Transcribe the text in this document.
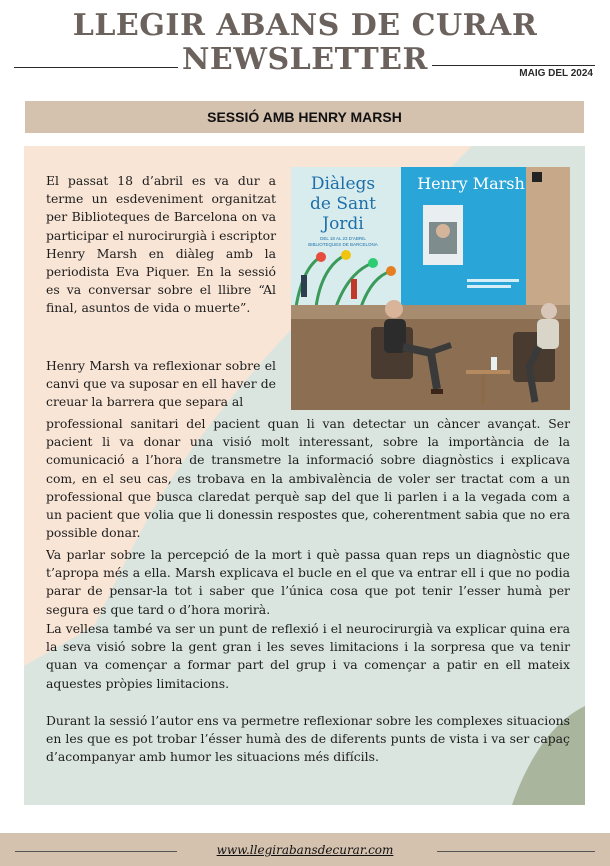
LLEGIR ABANS DE CURAR
NEWSLETTER	MAIG DEL 2024
SESSIÓ AMB HENRY MARSH
Diàlegs
de Sant
Jordi
DEL 18 AL 23 D'ABRIL
BIBLIOTEQUES DE BARCELONA
Henry Marsh
El passat 18 d’abril es va dur a terme un esdeveniment organitzat per Biblioteques de Barcelona on va participar el nurocirurgià i escriptor Henry Marsh en diàleg amb la periodista Eva Piquer. En la sessió es va conversar sobre el llibre “Al final, asuntos de vida o muerte”.
Henry Marsh va reflexionar sobre el canvi que va suposar en ell haver de creuar la barrera que separa al
professional sanitari del pacient quan li van detectar un càncer avançat. Ser pacient li va donar una visió molt interessant, sobre la importància de la comunicació a l’hora de transmetre la informació sobre diagnòstics i explicava com, en el seu cas, es trobava en la ambivalència de voler ser tractat com a un professional que busca claredat perquè sap del que li parlen i a la vegada com a un pacient que volia que li donessin respostes que, coherentment sabia que no era possible donar.
Va parlar sobre la percepció de la mort i què passa quan reps un diagnòstic que t’apropa més a ella. Marsh explicava el bucle en el que va entrar ell i que no podia parar de pensar-la tot i saber que l’única cosa que pot tenir l’esser humà per segura es que tard o d’hora morirà.
La vellesa també va ser un punt de reflexió i el neurocirurgià va explicar quina era la seva visió sobre la gent gran i les seves limitacions i la sorpresa que va tenir quan va començar a formar part del grup i va començar a patir en ell mateix aquestes pròpies limitacions.
Durant la sessió l’autor ens va permetre reflexionar sobre les complexes situacions en les que es pot trobar l’ésser humà des de diferents punts de vista i va ser capaç d’acompanyar amb humor les situacions més difícils.
www.llegirabansdecurar.com
